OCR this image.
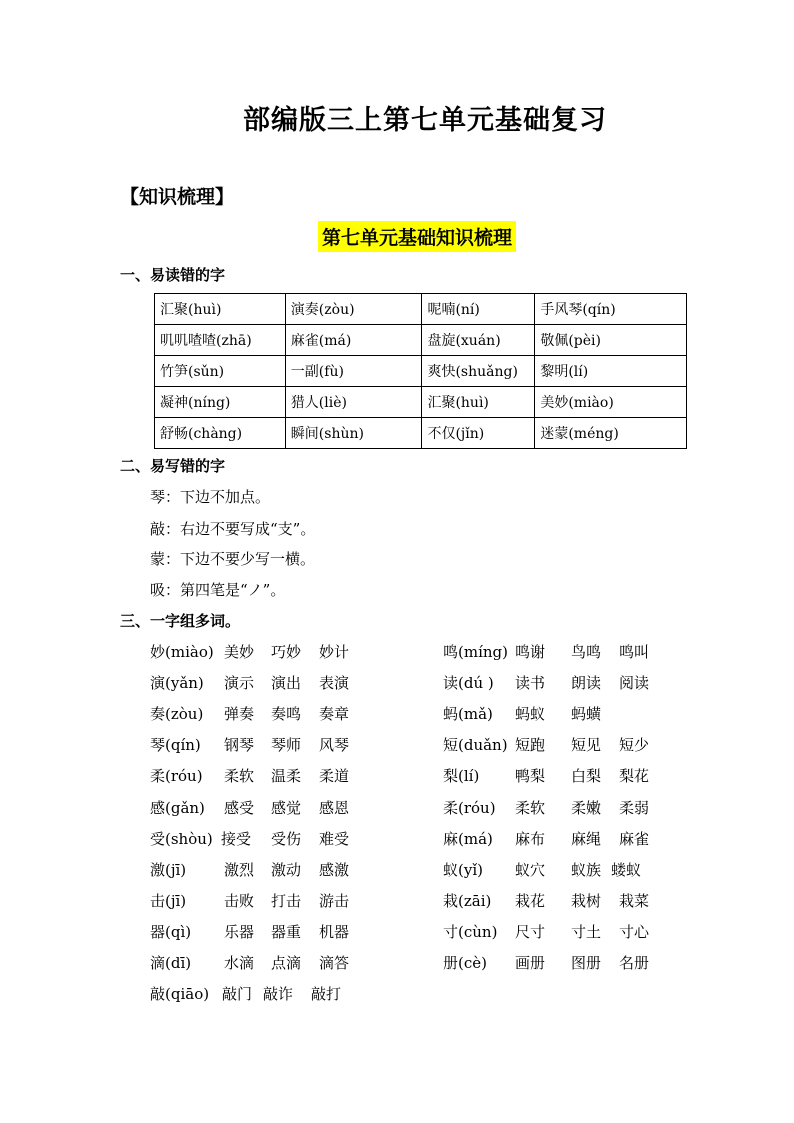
部编版三上第七单元基础复习
【知识梳理】
第七单元基础知识梳理
一、易读错的字
汇聚(huì)	演奏(zòu)	呢喃(ní)	手风琴(qín)
叽叽喳喳(zhā)	麻雀(má)	盘旋(xuán)	敬佩(pèi)
竹笋(sǔn)	一副(fù)	爽快(shuǎng)	黎明(lí)
凝神(níng)	猎人(liè)	汇聚(huì)	美妙(miào)
舒畅(chàng)	瞬间(shùn)	不仅(jǐn)	迷蒙(méng)
二、易写错的字
琴：下边不加点。
敲：右边不要写成“支”。
蒙：下边不要少写一横。
吸：第四笔是“ノ”。
三、一字组多词。
妙(miào) 美妙 巧妙 妙计
演(yǎn) 演示 演出 表演
奏(zòu) 弹奏 奏鸣 奏章
琴(qín) 钢琴 琴师 风琴
柔(róu) 柔软 温柔 柔道
感(gǎn) 感受 感觉 感恩
受(shòu) 接受 受伤 难受
激(jī)	激烈 激动 感激
击(jī)	击败 打击 游击
器(qì) 乐器 器重 机器
滴(dī) 水滴 点滴 滴答
敲(qiāo) 敲门 敲诈 敲打
鸣(míng) 鸣谢 鸟鸣 鸣叫
读(dú ) 读书 朗读 阅读
蚂(mǎ) 蚂蚁 蚂蟥
短(duǎn) 短跑 短见 短少
梨(lí) 鸭梨 白梨 梨花
柔(róu) 柔软 柔嫩 柔弱
麻(má) 麻布 麻绳 麻雀
蚁(yǐ) 蚁穴 蚁族 蝼蚁
栽(zāi) 栽花 栽树 栽菜
寸(cùn) 尺寸 寸土 寸心
册(cè) 画册 图册 名册
